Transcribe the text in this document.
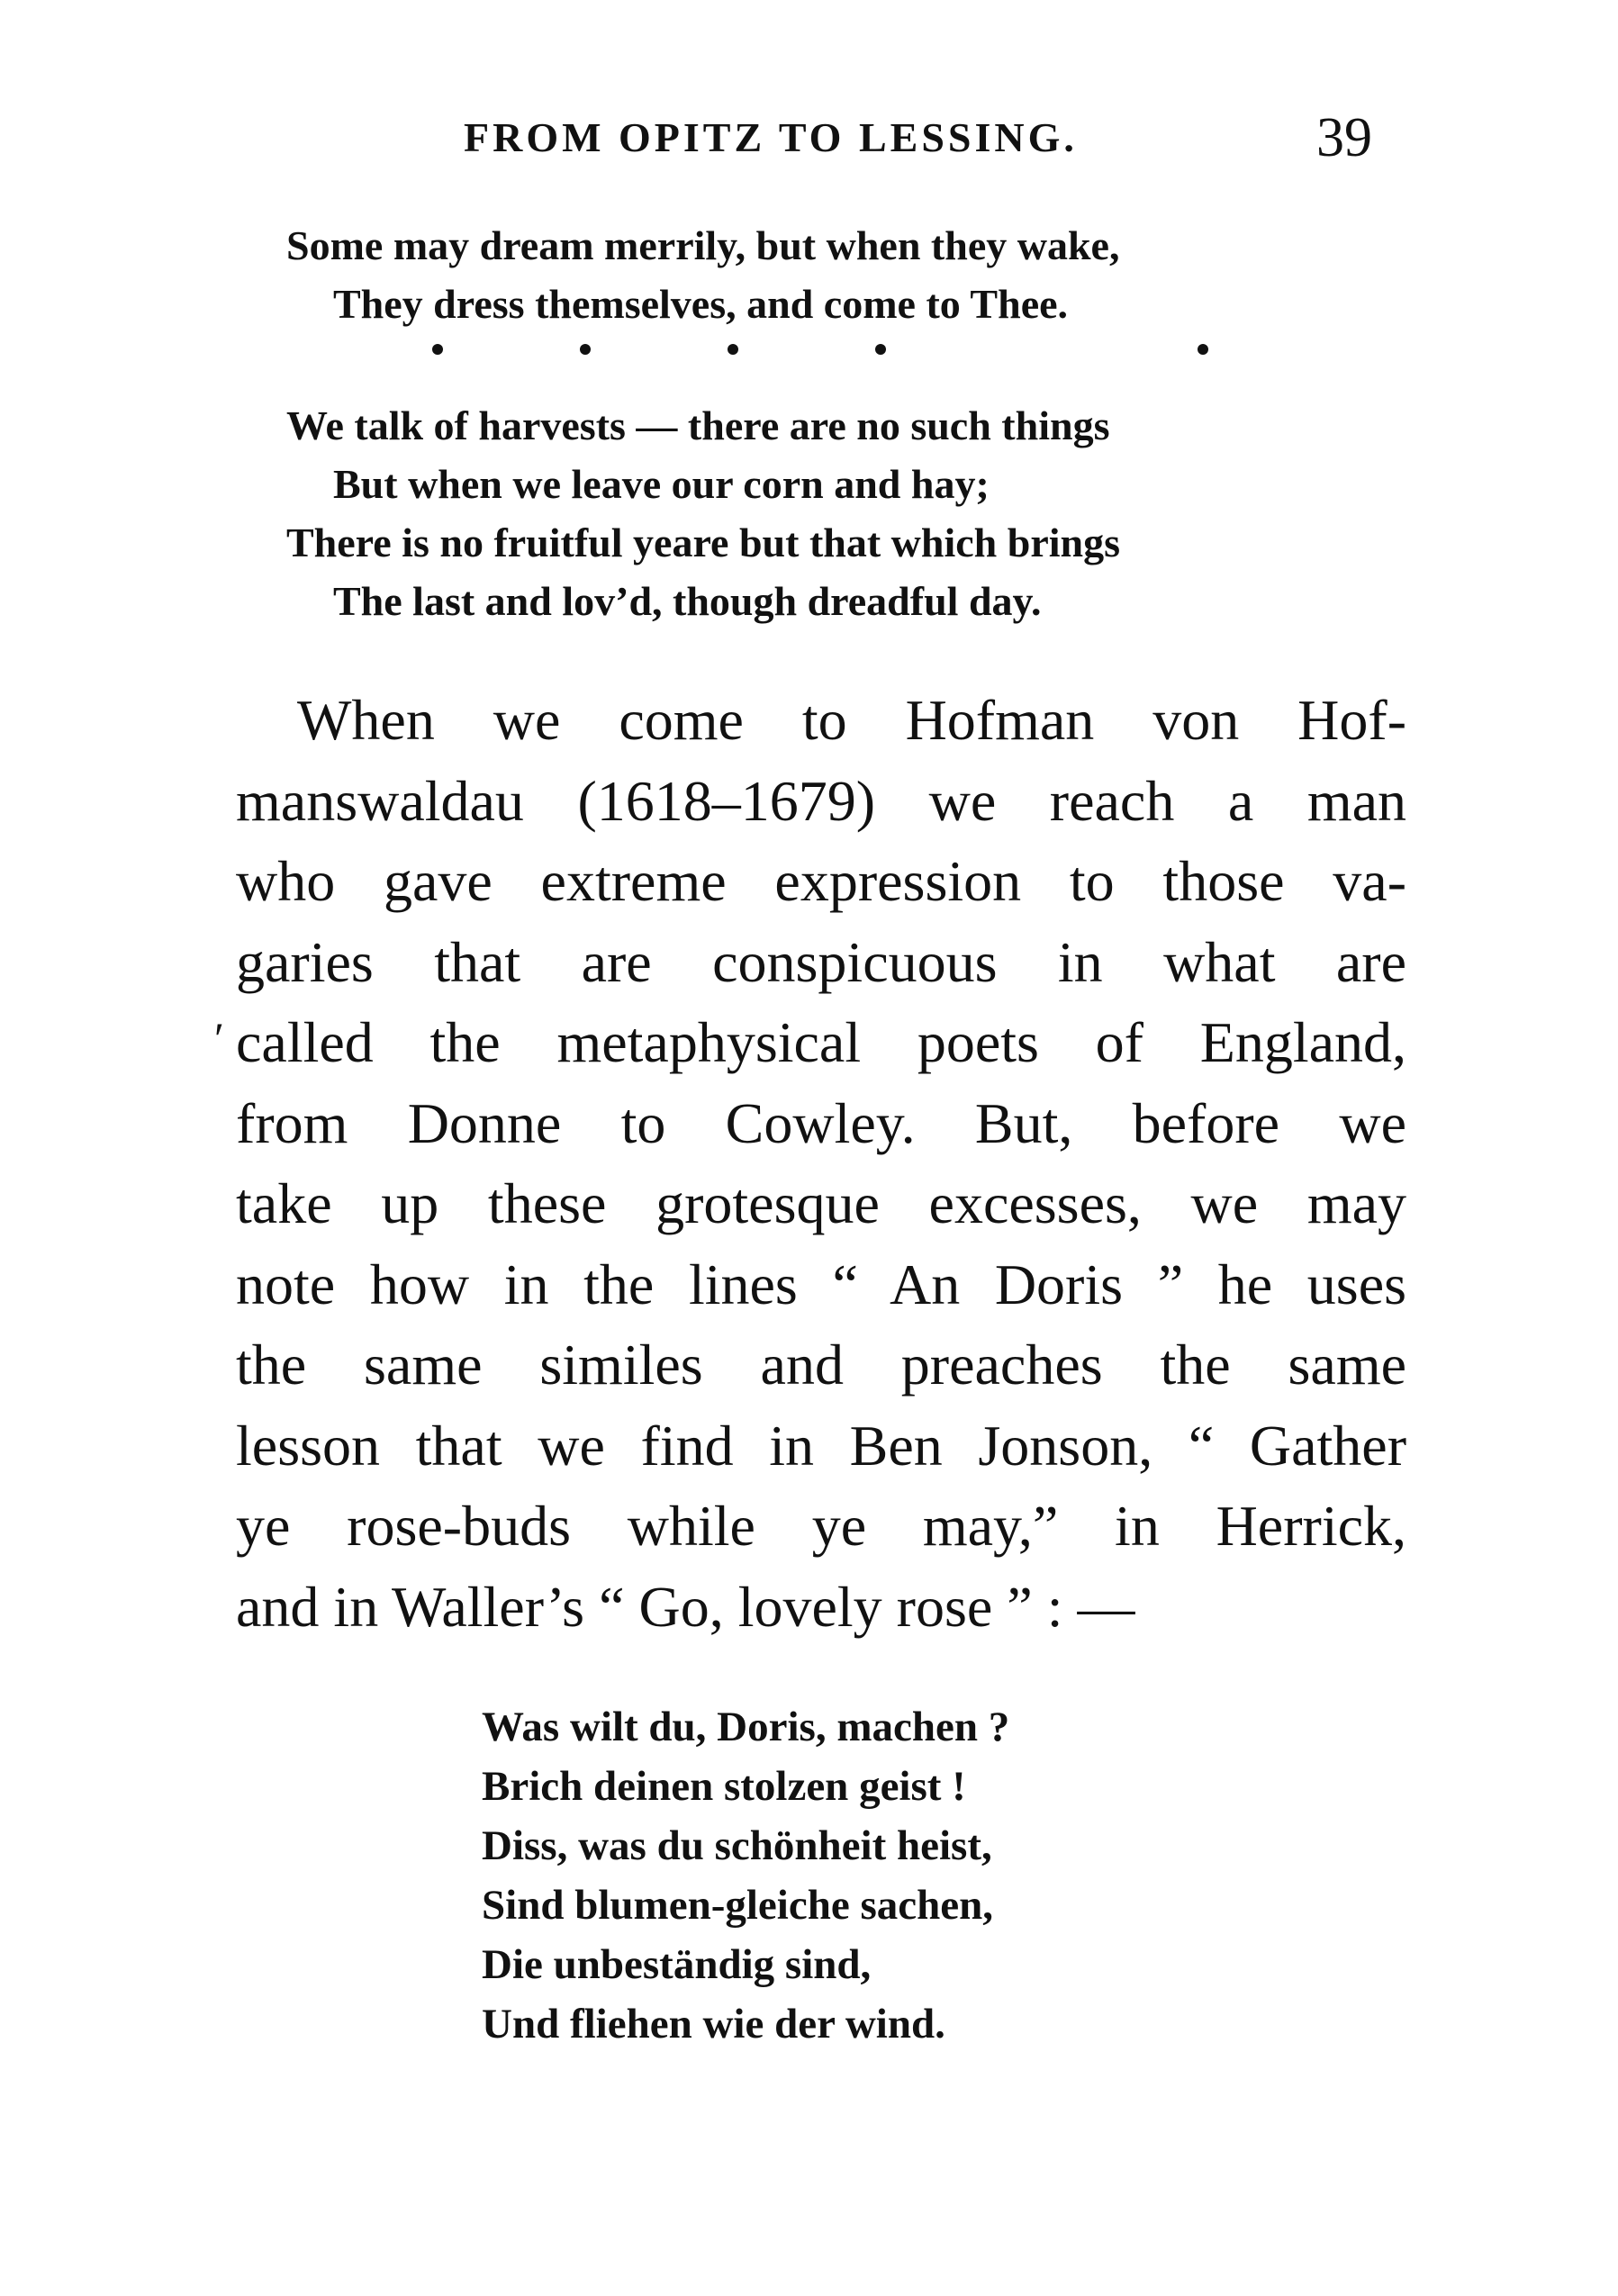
FROM OPITZ TO LESSING.	39
Some may dream merrily, but when they wake,
They dress themselves, and come to Thee.
We talk of harvests — there are no such things
But when we leave our corn and hay;
There is no fruitful yeare but that which brings
The last and lov’d, though dreadful day.
′
When we come to Hofman von Hof-
manswaldau (1618–1679) we reach a man
who gave extreme expression to those va-
garies that are conspicuous in what are
called the metaphysical poets of England,
from Donne to Cowley. But, before we
take up these grotesque excesses, we may
note how in the lines “ An Doris ” he uses
the same similes and preaches the same
lesson that we find in Ben Jonson, “ Gather
ye rose-buds while ye may,” in Herrick,
and in Waller’s “ Go, lovely rose ” : —
Was wilt du, Doris, machen ?
Brich deinen stolzen geist !
Diss, was du schönheit heist,
Sind blumen-gleiche sachen,
Die unbeständig sind,
Und fliehen wie der wind.
